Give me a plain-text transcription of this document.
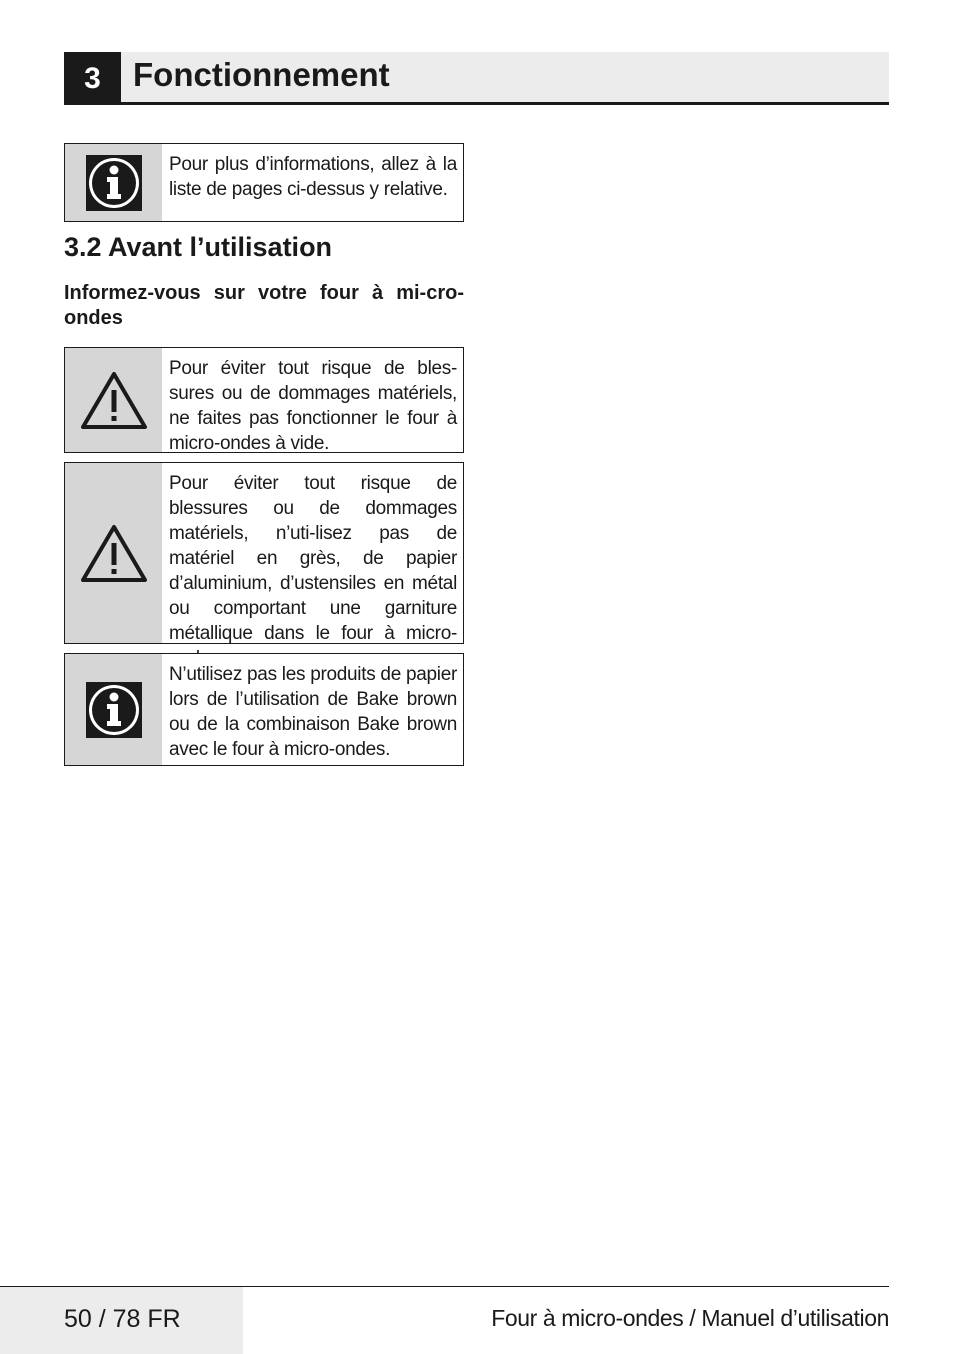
3 Fonctionnement
Pour plus d’informations, allez à la liste de pages ci-dessus y relative.
3.2 Avant l’utilisation
Informez-vous sur votre four à mi-cro-ondes
Pour éviter tout risque de bles-sures ou de dommages matériels, ne faites pas fonctionner le four à micro-ondes à vide.
Pour éviter tout risque de blessures ou de dommages matériels, n’uti-lisez pas de matériel en grès, de papier d’aluminium, d’ustensiles en métal ou comportant une garniture métallique dans le four à micro-
N’utilisez pas les produits de papier lors de l’utilisation de Bake brown ou de la combinaison Bake brown avec le four à micro-ondes.
50 / 78 FR	Four à micro-ondes / Manuel d’utilisation
